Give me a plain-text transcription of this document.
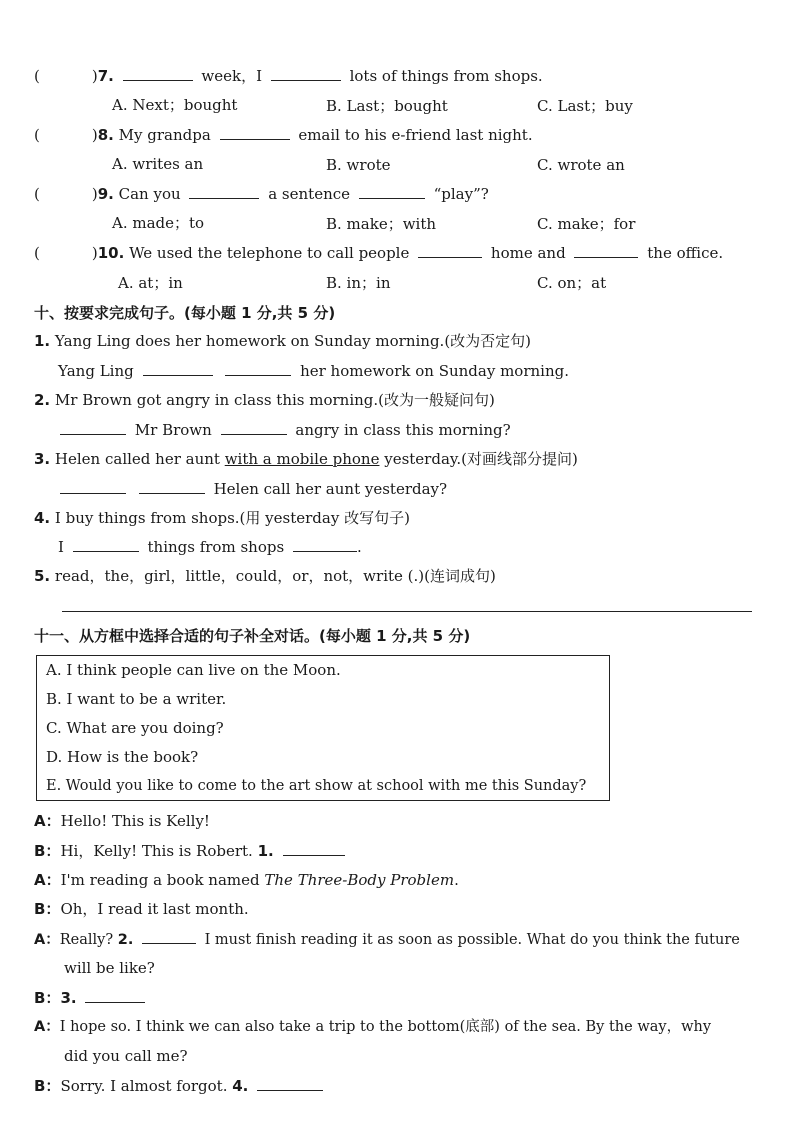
(	)7.	week，I	lots of things from shops.
A. Next；bought	B. Last；bought	C. Last；buy
(	)8. My grandpa	email to his e-friend last night.
A. writes an	B. wrote	C. wrote an
(	)9. Can you	a sentence	“play”?
A. made；to	B. make；with	C. make；for
(	)10. We used the telephone to call people	home and	the office.
A. at；in	B. in；in	C. on；at
十、按要求完成句子。(每小题 1 分,共 5 分)
1. Yang Ling does her homework on Sunday morning.(改为否定句)
Yang Ling	her homework on Sunday morning.
2. Mr Brown got angry in class this morning.(改为一般疑问句)
Mr Brown	angry in class this morning?
3. Helen called her aunt with a mobile phone yesterday.(对画线部分提问)
Helen call her aunt yesterday?
4. I buy things from shops.(用 yesterday 改写句子)
I	things from shops	.
5. read，the，girl，little，could，or，not，write (.)(连词成句)
十一、从方框中选择合适的句子补全对话。(每小题 1 分,共 5 分)
A. I think people can live on the Moon.
B. I want to be a writer.
C. What are you doing?
D. How is the book?
E. Would you like to come to the art show at school with me this Sunday?
A：Hello! This is Kelly!
B：Hi，Kelly! This is Robert. 1.
A：I'm reading a book named The Three-Body Problem.
B：Oh，I read it last month.
A：Really? 2.	I must finish reading it as soon as possible. What do you think the future
will be like?
B：3.
A：I hope so. I think we can also take a trip to the bottom(底部) of the sea. By the way，why
did you call me?
B：Sorry. I almost forgot. 4.
